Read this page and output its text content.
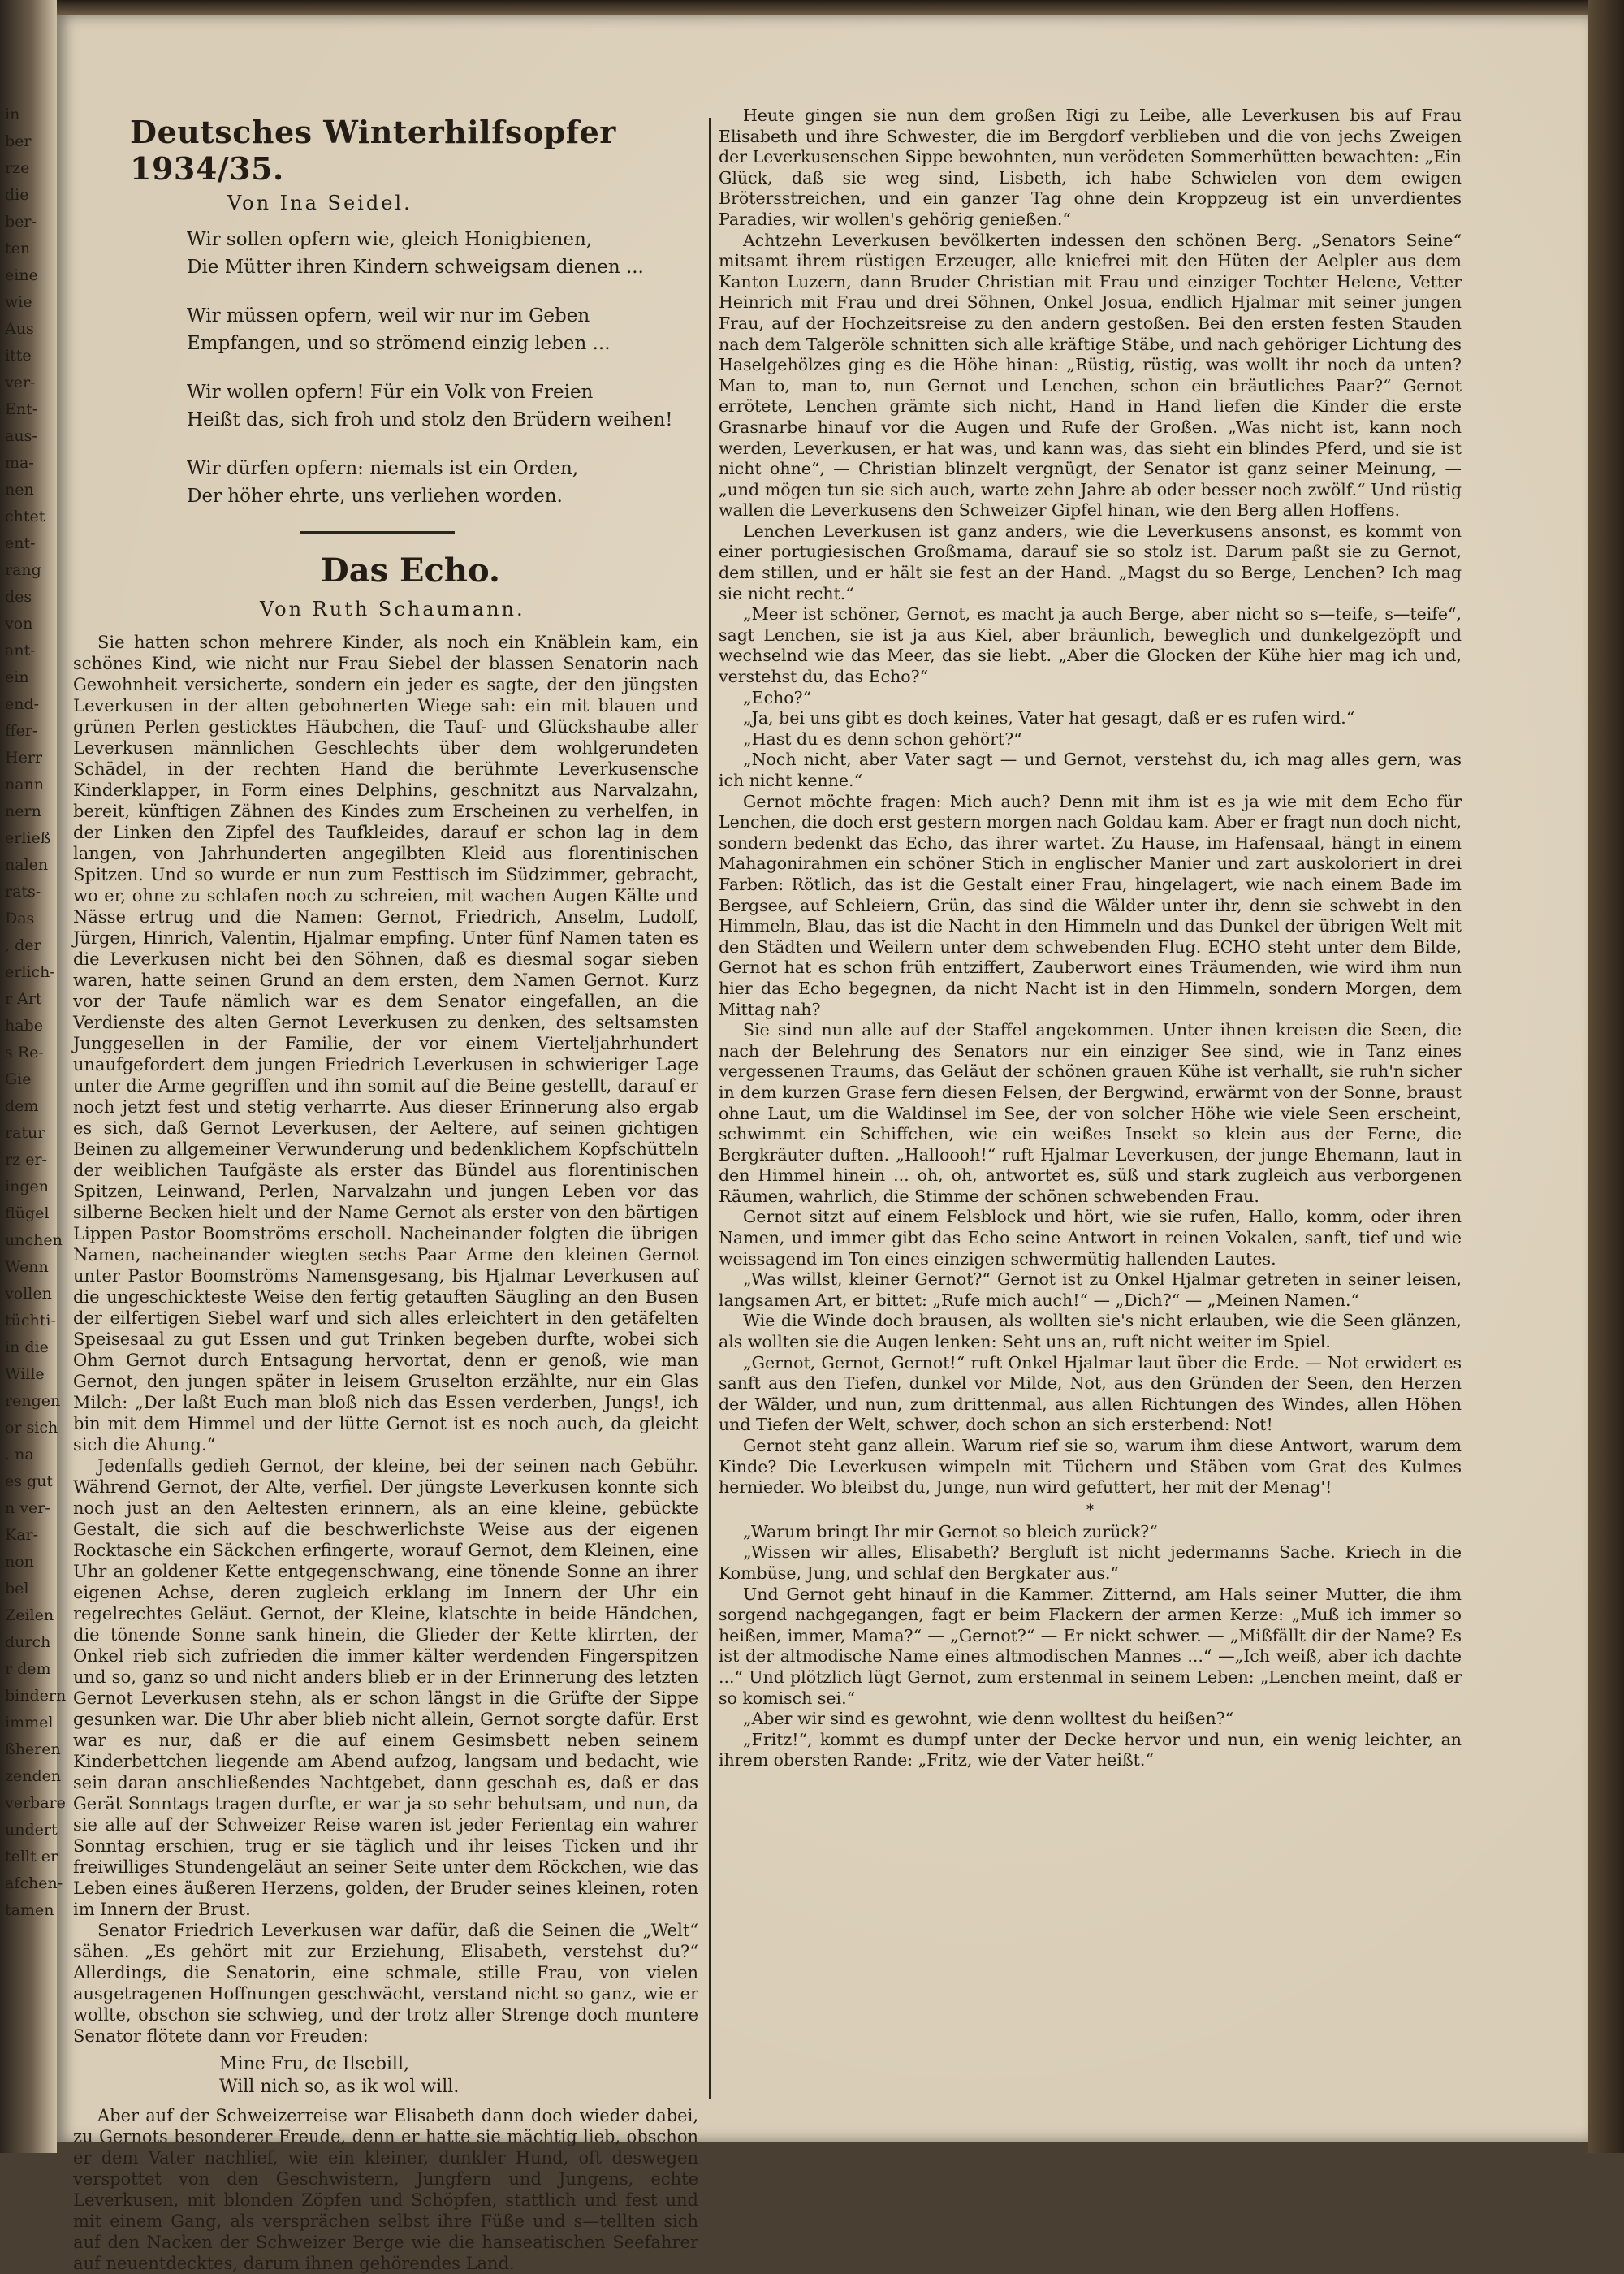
in
ber
rze
die
ber-
ten
eine
wie
Aus
itte
ver-
Ent-
aus-
ma-
nen
chtet
ent-
rang
des
von
ant-
ein
end-
ffer-
Herr
nann
nern
erließ
nalen
rats-
Das
, der
erlich-
r Art
habe
s Re-
Gie
dem
ratur
rz er-
ingen
flügel
unchen
Wenn
vollen
tüchti-
in die
Wille
rengen
or sich
. na
es gut
n ver-
Kar-
non
bel
Zeilen
durch
r dem
bindern
immel
ßheren
zenden
verbare
undert
tellt er
afchen-
tamen
Deutsches Winterhilfsopfer 1934/35.
Von Ina Seidel.

Wir sollen opfern wie, gleich Honigbienen,

Die Mütter ihren Kindern schweigsam dienen ...

Wir müssen opfern, weil wir nur im Geben

Empfangen, und so strömend einzig leben ...

Wir wollen opfern! Für ein Volk von Freien

Heißt das, sich froh und stolz den Brüdern weihen!

Wir dürfen opfern: niemals ist ein Orden,

Der höher ehrte, uns verliehen worden.

Das Echo.
Von Ruth Schaumann.

Sie hatten schon mehrere Kinder, als noch ein Knäblein kam, ein schönes Kind, wie nicht nur Frau Siebel der blassen Senatorin nach Gewohnheit versicherte, sondern ein jeder es sagte, der den jüngsten Leverkusen in der alten gebohnerten Wiege sah: ein mit blauen und grünen Perlen gesticktes Häubchen, die Tauf- und Glückshaube aller Leverkusen männlichen Geschlechts über dem wohlgerundeten Schädel, in der rechten Hand die berühmte Leverkusensche Kinderklapper, in Form eines Delphins, geschnitzt aus Narvalzahn, bereit, künftigen Zähnen des Kindes zum Erscheinen zu verhelfen, in der Linken den Zipfel des Taufkleides, darauf er schon lag in dem langen, von Jahrhunderten angegilbten Kleid aus florentinischen Spitzen. Und so wurde er nun zum Festtisch im Südzimmer, gebracht, wo er, ohne zu schlafen noch zu schreien, mit wachen Augen Kälte und Nässe ertrug und die Namen: Gernot, Friedrich, Anselm, Ludolf, Jürgen, Hinrich, Valentin, Hjalmar empfing. Unter fünf Namen taten es die Leverkusen nicht bei den Söhnen, daß es diesmal sogar sieben waren, hatte seinen Grund an dem ersten, dem Namen Gernot. Kurz vor der Taufe nämlich war es dem Senator eingefallen, an die Verdienste des alten Gernot Leverkusen zu denken, des seltsamsten Junggesellen in der Familie, der vor einem Vierteljahrhundert unaufgefordert dem jungen Friedrich Leverkusen in schwieriger Lage unter die Arme gegriffen und ihn somit auf die Beine gestellt, darauf er noch jetzt fest und stetig verharrte. Aus dieser Erinnerung also ergab es sich, daß Gernot Leverkusen, der Aeltere, auf seinen gichtigen Beinen zu allgemeiner Verwunderung und bedenklichem Kopfschütteln der weiblichen Taufgäste als erster das Bündel aus florentinischen Spitzen, Leinwand, Perlen, Narvalzahn und jungen Leben vor das silberne Becken hielt und der Name Gernot als erster von den bärtigen Lippen Pastor Boomströms erscholl. Nacheinander folgten die übrigen Namen, nacheinander wiegten sechs Paar Arme den kleinen Gernot unter Pastor Boomströms Namensgesang, bis Hjalmar Leverkusen auf die ungeschickteste Weise den fertig getauften Säugling an den Busen der eilfertigen Siebel warf und sich alles erleichtert in den getäfelten Speisesaal zu gut Essen und gut Trinken begeben durfte, wobei sich Ohm Gernot durch Entsagung hervortat, denn er genoß, wie man Gernot, den jungen später in leisem Gruselton erzählte, nur ein Glas Milch: „Der laßt Euch man bloß nich das Essen verderben, Jungs!, ich bin mit dem Himmel und der lütte Gernot ist es noch auch, da gleicht sich die Ahung.“

Jedenfalls gedieh Gernot, der kleine, bei der seinen nach Gebühr. Während Gernot, der Alte, verfiel. Der jüngste Leverkusen konnte sich noch just an den Aeltesten erinnern, als an eine kleine, gebückte Gestalt, die sich auf die beschwerlichste Weise aus der eigenen Rocktasche ein Säckchen erfingerte, worauf Gernot, dem Kleinen, eine Uhr an goldener Kette entgegenschwang, eine tönende Sonne an ihrer eigenen Achse, deren zugleich erklang im Innern der Uhr ein regelrechtes Geläut. Gernot, der Kleine, klatschte in beide Händchen, die tönende Sonne sank hinein, die Glieder der Kette klirrten, der Onkel rieb sich zufrieden die immer kälter werdenden Fingerspitzen und so, ganz so und nicht anders blieb er in der Erinnerung des letzten Gernot Leverkusen stehn, als er schon längst in die Grüfte der Sippe gesunken war. Die Uhr aber blieb nicht allein, Gernot sorgte dafür. Erst war es nur, daß er die auf einem Gesimsbett neben seinem Kinderbettchen liegende am Abend aufzog, langsam und bedacht, wie sein daran anschließendes Nachtgebet, dann geschah es, daß er das Gerät Sonntags tragen durfte, er war ja so sehr behutsam, und nun, da sie alle auf der Schweizer Reise waren ist jeder Ferientag ein wahrer Sonntag erschien, trug er sie täglich und ihr leises Ticken und ihr freiwilliges Stundengeläut an seiner Seite unter dem Röckchen, wie das Leben eines äußeren Herzens, golden, der Bruder seines kleinen, roten im Innern der Brust.

Senator Friedrich Leverkusen war dafür, daß die Seinen die „Welt“ sähen. „Es gehört mit zur Erziehung, Elisabeth, verstehst du?“ Allerdings, die Senatorin, eine schmale, stille Frau, von vielen ausgetragenen Hoffnungen geschwächt, verstand nicht so ganz, wie er wollte, obschon sie schwieg, und der trotz aller Strenge doch muntere Senator flötete dann vor Freuden:

Mine Fru, de Ilsebill,

Will nich so, as ik wol will.

Aber auf der Schweizerreise war Elisabeth dann doch wieder dabei, zu Gernots besonderer Freude, denn er hatte sie mächtig lieb, obschon er dem Vater nachlief, wie ein kleiner, dunkler Hund, oft deswegen verspottet von den Geschwistern, Jungfern und Jungens, echte Leverkusen, mit blonden Zöpfen und Schöpfen, stattlich und fest und mit einem Gang, als versprächen selbst ihre Füße und s—tellten sich auf den Nacken der Schweizer Berge wie die hanseatischen Seefahrer auf neuentdecktes, darum ihnen gehörendes Land.

Heute gingen sie nun dem großen Rigi zu Leibe, alle Leverkusen bis auf Frau Elisabeth und ihre Schwester, die im Bergdorf verblieben und die von jechs Zweigen der Leverkusenschen Sippe bewohnten, nun verödeten Sommerhütten bewachten: „Ein Glück, daß sie weg sind, Lisbeth, ich habe Schwielen von dem ewigen Brötersstreichen, und ein ganzer Tag ohne dein Kroppzeug ist ein unverdientes Paradies, wir wollen's gehörig genießen.“

Achtzehn Leverkusen bevölkerten indessen den schönen Berg. „Senators Seine“ mitsamt ihrem rüstigen Erzeuger, alle kniefrei mit den Hüten der Aelpler aus dem Kanton Luzern, dann Bruder Christian mit Frau und einziger Tochter Helene, Vetter Heinrich mit Frau und drei Söhnen, Onkel Josua, endlich Hjalmar mit seiner jungen Frau, auf der Hochzeitsreise zu den andern gestoßen. Bei den ersten festen Stauden nach dem Talgeröle schnitten sich alle kräftige Stäbe, und nach gehöriger Lichtung des Haselgehölzes ging es die Höhe hinan: „Rüstig, rüstig, was wollt ihr noch da unten? Man to, man to, nun Gernot und Lenchen, schon ein bräutliches Paar?“ Gernot errötete, Lenchen grämte sich nicht, Hand in Hand liefen die Kinder die erste Grasnarbe hinauf vor die Augen und Rufe der Großen. „Was nicht ist, kann noch werden, Leverkusen, er hat was, und kann was, das sieht ein blindes Pferd, und sie ist nicht ohne“, — Christian blinzelt vergnügt, der Senator ist ganz seiner Meinung, — „und mögen tun sie sich auch, warte zehn Jahre ab oder besser noch zwölf.“ Und rüstig wallen die Leverkusens den Schweizer Gipfel hinan, wie den Berg allen Hoffens.

Lenchen Leverkusen ist ganz anders, wie die Leverkusens ansonst, es kommt von einer portugiesischen Großmama, darauf sie so stolz ist. Darum paßt sie zu Gernot, dem stillen, und er hält sie fest an der Hand. „Magst du so Berge, Lenchen? Ich mag sie nicht recht.“

„Meer ist schöner, Gernot, es macht ja auch Berge, aber nicht so s—teife, s—teife“, sagt Lenchen, sie ist ja aus Kiel, aber bräunlich, beweglich und dunkelgezöpft und wechselnd wie das Meer, das sie liebt. „Aber die Glocken der Kühe hier mag ich und, verstehst du, das Echo?“

„Echo?“

„Ja, bei uns gibt es doch keines, Vater hat gesagt, daß er es rufen wird.“

„Hast du es denn schon gehört?“

„Noch nicht, aber Vater sagt — und Gernot, verstehst du, ich mag alles gern, was ich nicht kenne.“

Gernot möchte fragen: Mich auch? Denn mit ihm ist es ja wie mit dem Echo für Lenchen, die doch erst gestern morgen nach Goldau kam. Aber er fragt nun doch nicht, sondern bedenkt das Echo, das ihrer wartet. Zu Hause, im Hafensaal, hängt in einem Mahagonirahmen ein schöner Stich in englischer Manier und zart auskoloriert in drei Farben: Rötlich, das ist die Gestalt einer Frau, hingelagert, wie nach einem Bade im Bergsee, auf Schleiern, Grün, das sind die Wälder unter ihr, denn sie schwebt in den Himmeln, Blau, das ist die Nacht in den Himmeln und das Dunkel der übrigen Welt mit den Städten und Weilern unter dem schwebenden Flug. ECHO steht unter dem Bilde, Gernot hat es schon früh entziffert, Zauberwort eines Träumenden, wie wird ihm nun hier das Echo begegnen, da nicht Nacht ist in den Himmeln, sondern Morgen, dem Mittag nah?

Sie sind nun alle auf der Staffel angekommen. Unter ihnen kreisen die Seen, die nach der Belehrung des Senators nur ein einziger See sind, wie in Tanz eines vergessenen Traums, das Geläut der schönen grauen Kühe ist verhallt, sie ruh'n sicher in dem kurzen Grase fern diesen Felsen, der Bergwind, erwärmt von der Sonne, braust ohne Laut, um die Waldinsel im See, der von solcher Höhe wie viele Seen erscheint, schwimmt ein Schiffchen, wie ein weißes Insekt so klein aus der Ferne, die Bergkräuter duften. „Halloooh!“ ruft Hjalmar Leverkusen, der junge Ehemann, laut in den Himmel hinein ... oh, oh, antwortet es, süß und stark zugleich aus verborgenen Räumen, wahrlich, die Stimme der schönen schwebenden Frau.

Gernot sitzt auf einem Felsblock und hört, wie sie rufen, Hallo, komm, oder ihren Namen, und immer gibt das Echo seine Antwort in reinen Vokalen, sanft, tief und wie weissagend im Ton eines einzigen schwermütig hallenden Lautes.

„Was willst, kleiner Gernot?“ Gernot ist zu Onkel Hjalmar getreten in seiner leisen, langsamen Art, er bittet: „Rufe mich auch!“ — „Dich?“ — „Meinen Namen.“

Wie die Winde doch brausen, als wollten sie's nicht erlauben, wie die Seen glänzen, als wollten sie die Augen lenken: Seht uns an, ruft nicht weiter im Spiel.

„Gernot, Gernot, Gernot!“ ruft Onkel Hjalmar laut über die Erde. — Not erwidert es sanft aus den Tiefen, dunkel vor Milde, Not, aus den Gründen der Seen, den Herzen der Wälder, und nun, zum drittenmal, aus allen Richtungen des Windes, allen Höhen und Tiefen der Welt, schwer, doch schon an sich ersterbend: Not!

Gernot steht ganz allein. Warum rief sie so, warum ihm diese Antwort, warum dem Kinde? Die Leverkusen wimpeln mit Tüchern und Stäben vom Grat des Kulmes hernieder. Wo bleibst du, Junge, nun wird gefuttert, her mit der Menag'!

*

„Warum bringt Ihr mir Gernot so bleich zurück?“

„Wissen wir alles, Elisabeth? Bergluft ist nicht jedermanns Sache. Kriech in die Kombüse, Jung, und schlaf den Bergkater aus.“

Und Gernot geht hinauf in die Kammer. Zitternd, am Hals seiner Mutter, die ihm sorgend nachgegangen, fagt er beim Flackern der armen Kerze: „Muß ich immer so heißen, immer, Mama?“ — „Gernot?“ — Er nickt schwer. — „Mißfällt dir der Name? Es ist der altmodische Name eines altmodischen Mannes ...“ —„Ich weiß, aber ich dachte ...“ Und plötzlich lügt Gernot, zum erstenmal in seinem Leben: „Lenchen meint, daß er so komisch sei.“

„Aber wir sind es gewohnt, wie denn wolltest du heißen?“

„Fritz!“, kommt es dumpf unter der Decke hervor und nun, ein wenig leichter, an ihrem obersten Rande: „Fritz, wie der Vater heißt.“
